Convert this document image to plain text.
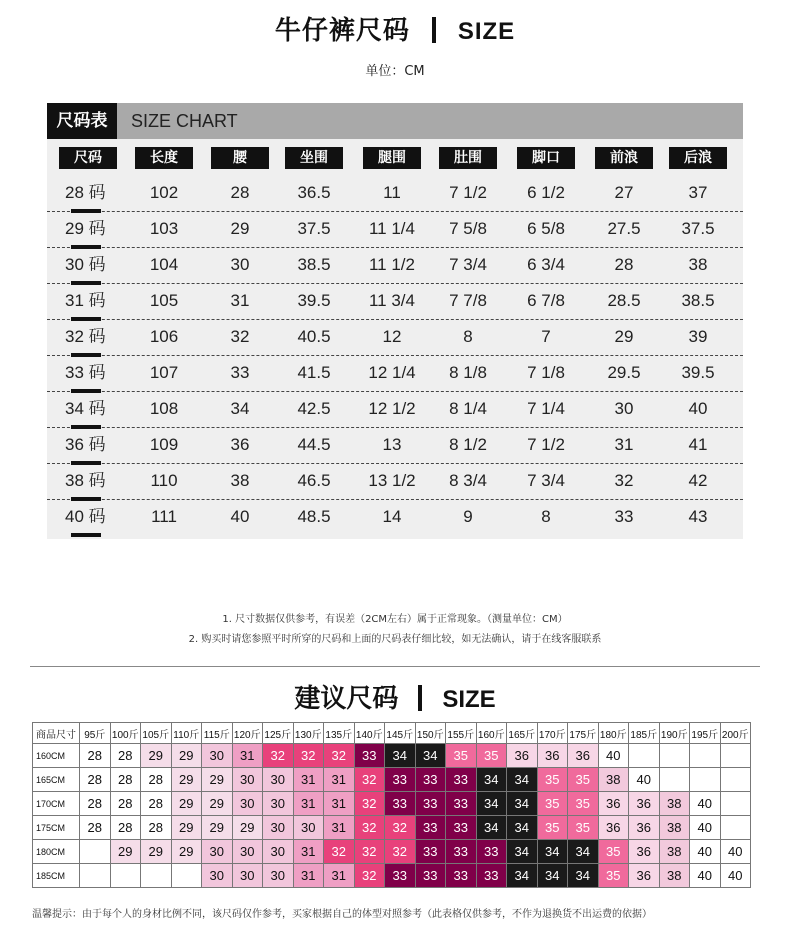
牛仔裤尺码 SIZE
单位：CM
尺码表	SIZE CHART
尺码	长度	腰	坐围	腿围	肚围	脚口	前浪	后浪
28 码	102	28	36.5	11	7 1/2	6 1/2	27	37
29 码	103	29	37.5	11 1/4	7 5/8	6 5/8	27.5	37.5
30 码	104	30	38.5	11 1/2	7 3/4	6 3/4	28	38
31 码	105	31	39.5	11 3/4	7 7/8	6 7/8	28.5	38.5
32 码	106	32	40.5	12	8	7	29	39
33 码	107	33	41.5	12 1/4	8 1/8	7 1/8	29.5	39.5
34 码	108	34	42.5	12 1/2	8 1/4	7 1/4	30	40
36 码	109	36	44.5	13	8 1/2	7 1/2	31	41
38 码	110	38	46.5	13 1/2	8 3/4	7 3/4	32	42
40 码	111	40	48.5	14	9	8	33	43
1. 尺寸数据仅供参考，有误差（2CM左右）属于正常现象。（测量单位：CM）
2. 购买时请您参照平时所穿的尺码和上面的尺码表仔细比较，如无法确认，请于在线客服联系
建议尺码 SIZE
商品尺寸	95斤	100斤	105斤	110斤	115斤	120斤	125斤	130斤	135斤	140斤	145斤	150斤	155斤	160斤	165斤	170斤	175斤	180斤	185斤	190斤	195斤	200斤
160CM	28	28	29	29	30	31	32	32	32	33	34	34	35	35	36	36	36	40				
165CM	28	28	28	29	29	30	30	31	31	32	33	33	33	34	34	35	35	38	40			
170CM	28	28	28	29	29	30	30	31	31	32	33	33	33	34	34	35	35	36	36	38	40	
175CM	28	28	28	29	29	29	30	30	31	32	32	33	33	34	34	35	35	36	36	38	40	
180CM		29	29	29	30	30	30	31	32	32	32	33	33	33	34	34	34	35	36	38	40	40
185CM					30	30	30	31	31	32	33	33	33	33	34	34	34	35	36	38	40	40
温馨提示：由于每个人的身材比例不同，该尺码仅作参考，买家根据自己的体型对照参考（此表格仅供参考，不作为退换货不出运费的依据）
